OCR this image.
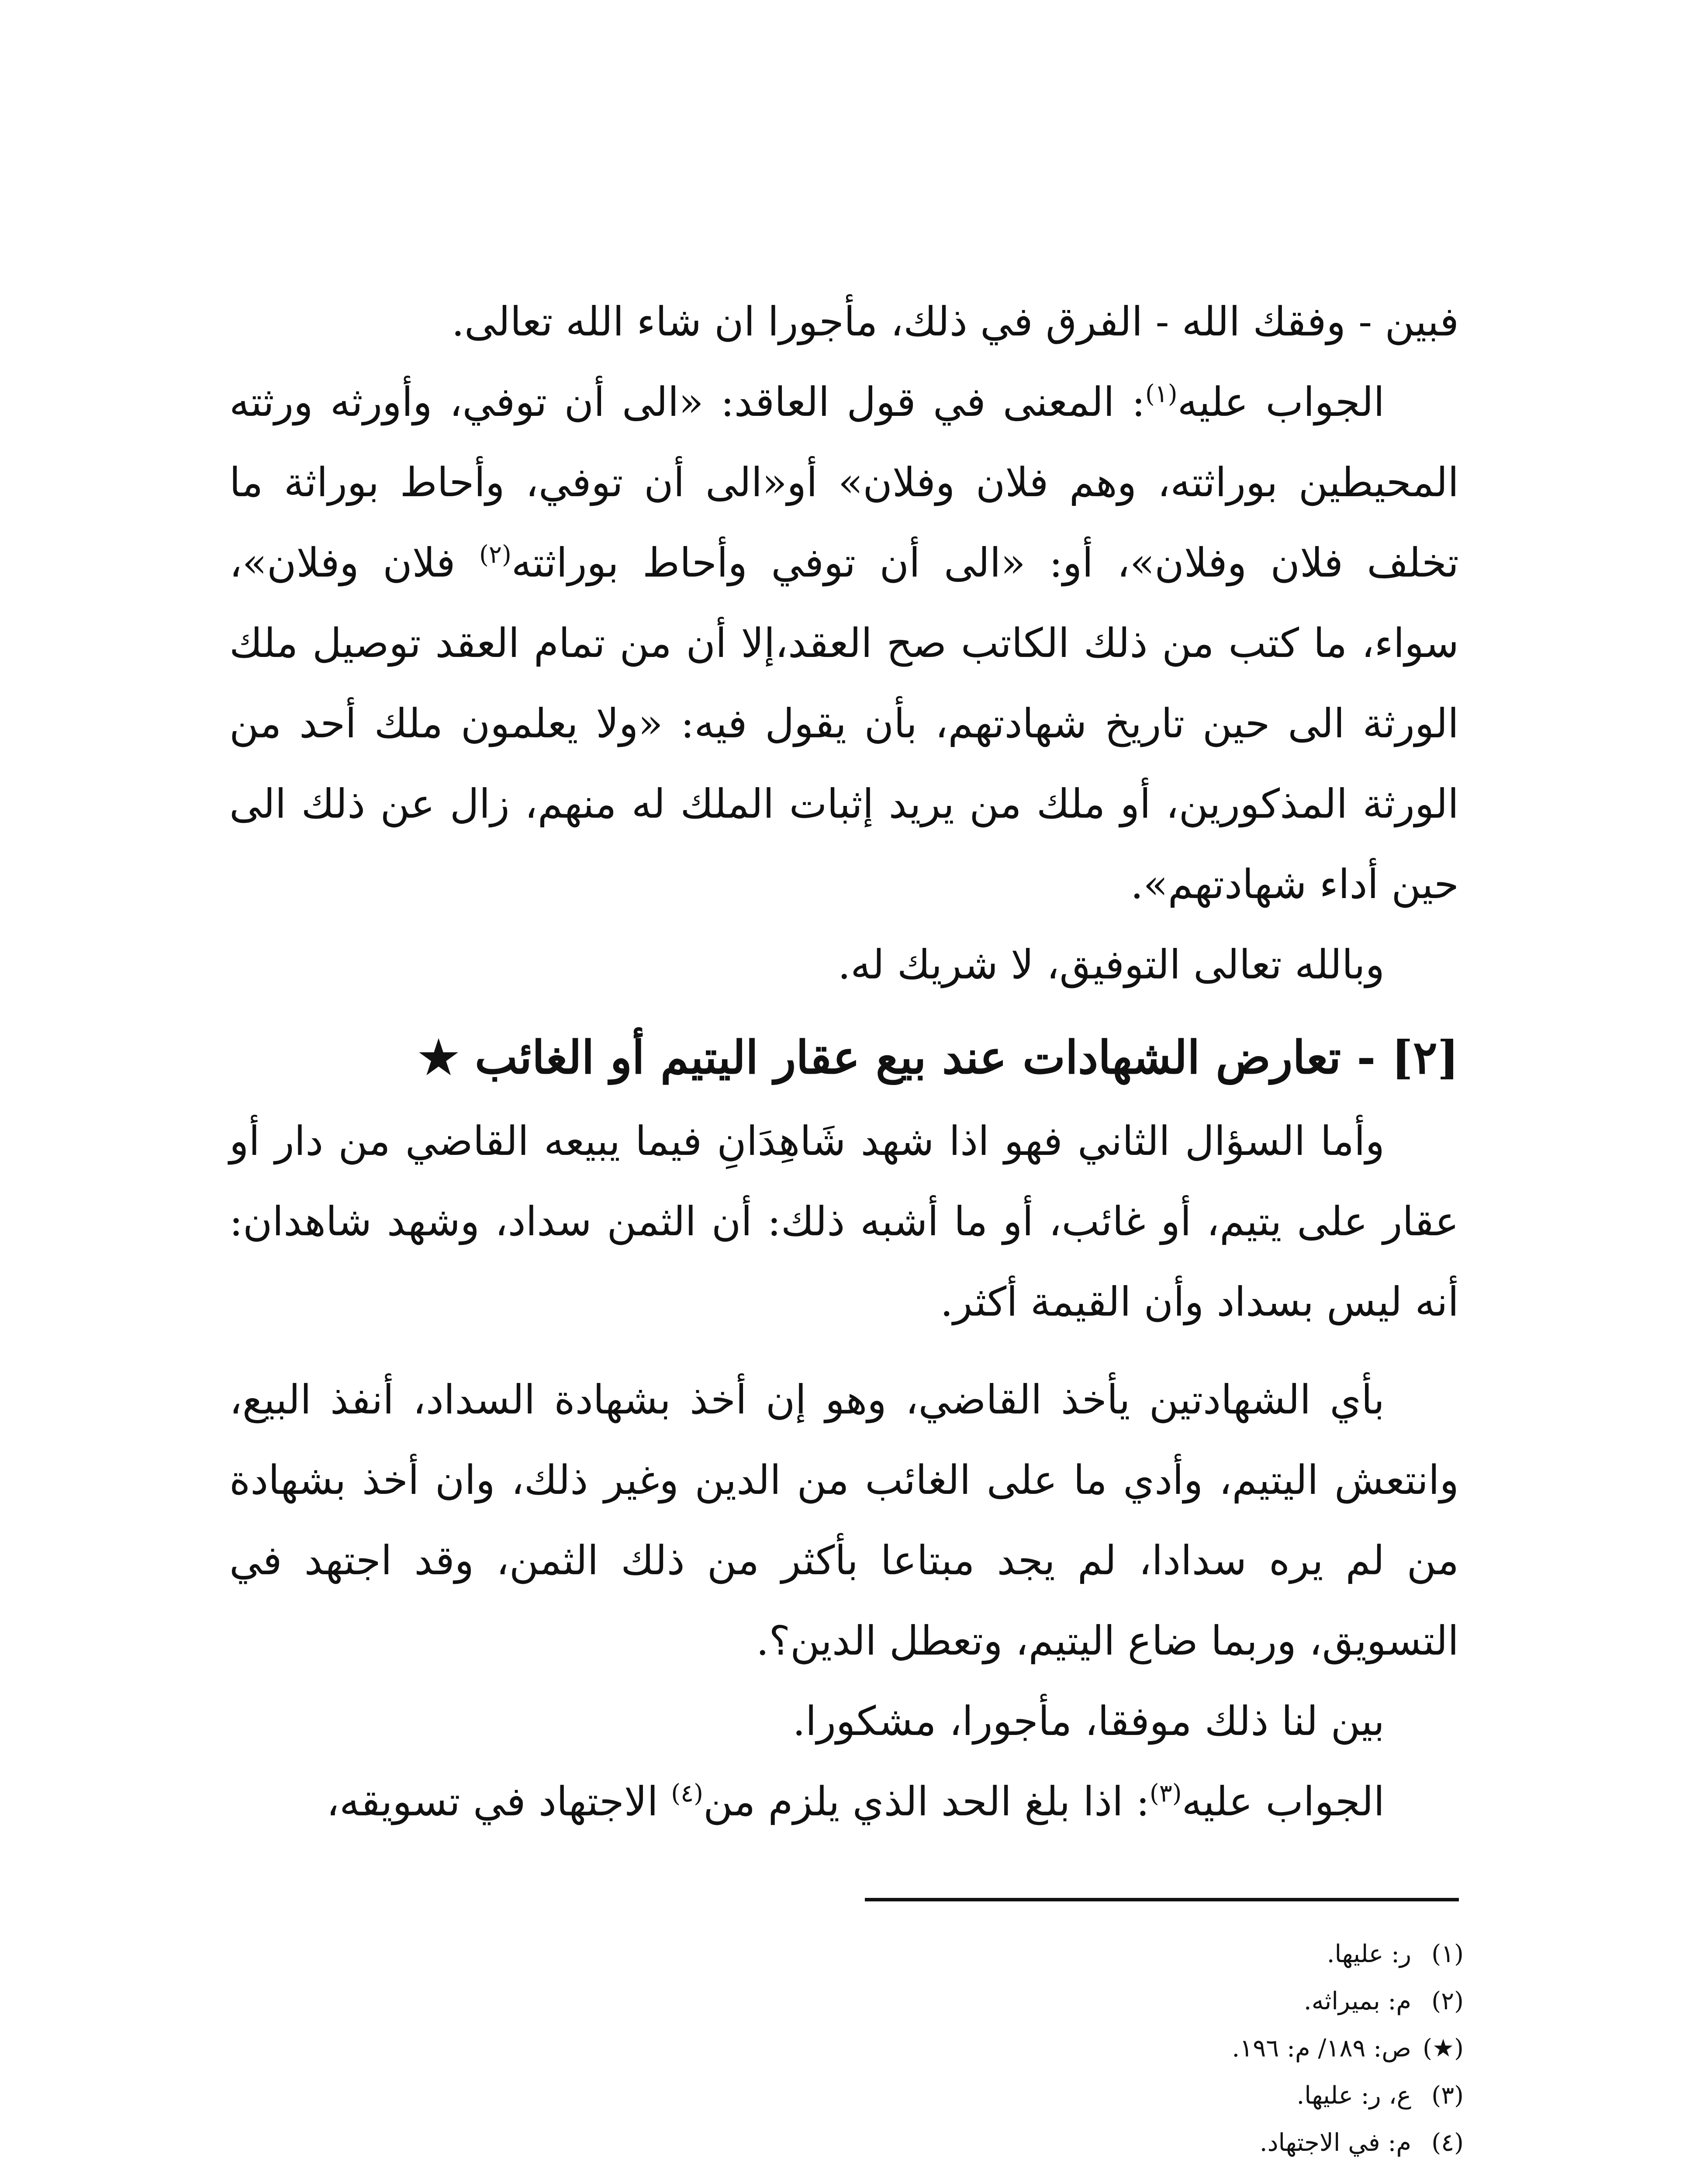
فبين - وفقك الله - الفرق في ذلك، مأجورا ان شاء الله تعالى.

الجواب عليه$^{(١)}$: المعنى في قول العاقد: «الى أن توفي، وأورثه ورثته المحيطين بوراثته، وهم فلان وفلان» أو«الى أن توفي، وأحاط بوراثة ما تخلف فلان وفلان»، أو: «الى أن توفي وأحاط بوراثته$^{(٢)}$ فلان وفلان»، سواء، ما كتب من ذلك الكاتب صح العقد،إلا أن من تمام العقد توصيل ملك الورثة الى حين تاريخ شهادتهم، بأن يقول فيه: «ولا يعلمون ملك أحد من الورثة المذكورين، أو ملك من يريد إثبات الملك له منهم، زال عن ذلك الى حين أداء شهادتهم».

وبالله تعالى التوفيق، لا شريك له.

[٢] - تعارض الشهادات عند بيع عقار اليتيم أو الغائب ★

وأما السؤال الثاني فهو اذا شهد شَاهِدَانِ فيما يبيعه القاضي من دار أو عقار على يتيم، أو غائب، أو ما أشبه ذلك: أن الثمن سداد، وشهد شاهدان: أنه ليس بسداد وأن القيمة أكثر.

بأي الشهادتين يأخذ القاضي، وهو إن أخذ بشهادة السداد، أنفذ البيع، وانتعش اليتيم، وأدي ما على الغائب من الدين وغير ذلك، وان أخذ بشهادة من لم يره سدادا، لم يجد مبتاعا بأكثر من ذلك الثمن، وقد اجتهد في التسويق، وربما ضاع اليتيم، وتعطل الدين؟.

بين لنا ذلك موفقا، مأجورا، مشكورا.

الجواب عليه$^{(٣)}$: اذا بلغ الحد الذي يلزم من$^{(٤)}$ الاجتهاد في تسويقه،

(١)ر: عليها.
(٢)م: بميراثه.
(★)ص: ١٨٩/ م: ١٩٦.
(٣)ع، ر: عليها.
(٤)م: في الاجتهاد.
